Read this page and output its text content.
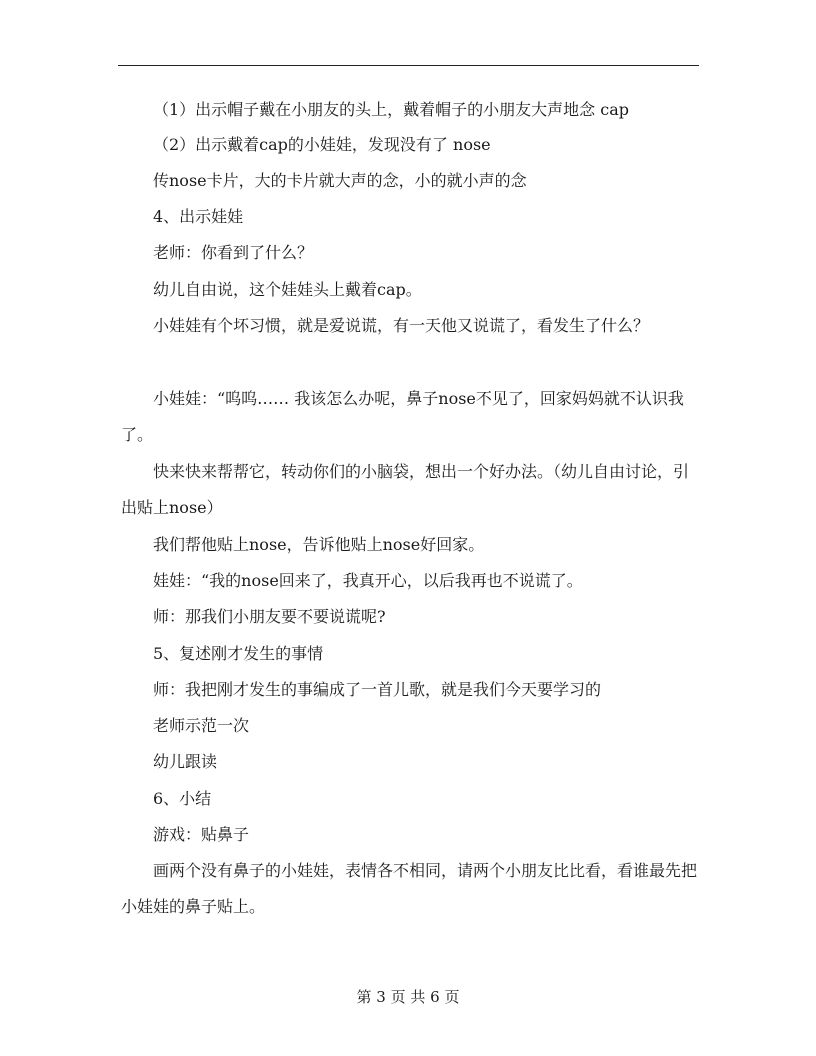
（1）出示帽子戴在小朋友的头上，戴着帽子的小朋友大声地念 cap

（2）出示戴着cap的小娃娃，发现没有了 nose

传nose卡片，大的卡片就大声的念，小的就小声的念

4、出示娃娃

老师：你看到了什么？

幼儿自由说，这个娃娃头上戴着cap。

小娃娃有个坏习惯，就是爱说谎，有一天他又说谎了，看发生了什么？

小娃娃：“呜呜…… 我该怎么办呢，鼻子nose不见了，回家妈妈就不认识我了。

快来快来帮帮它，转动你们的小脑袋，想出一个好办法。（幼儿自由讨论，引出贴上nose）

我们帮他贴上nose，告诉他贴上nose好回家。

娃娃：“我的nose回来了，我真开心，以后我再也不说谎了。

师：那我们小朋友要不要说谎呢?

5、复述刚才发生的事情

师：我把刚才发生的事编成了一首儿歌，就是我们今天要学习的

老师示范一次

幼儿跟读

6、小结

游戏：贴鼻子

画两个没有鼻子的小娃娃，表情各不相同，请两个小朋友比比看，看谁最先把小娃娃的鼻子贴上。

第 3 页 共 6 页
